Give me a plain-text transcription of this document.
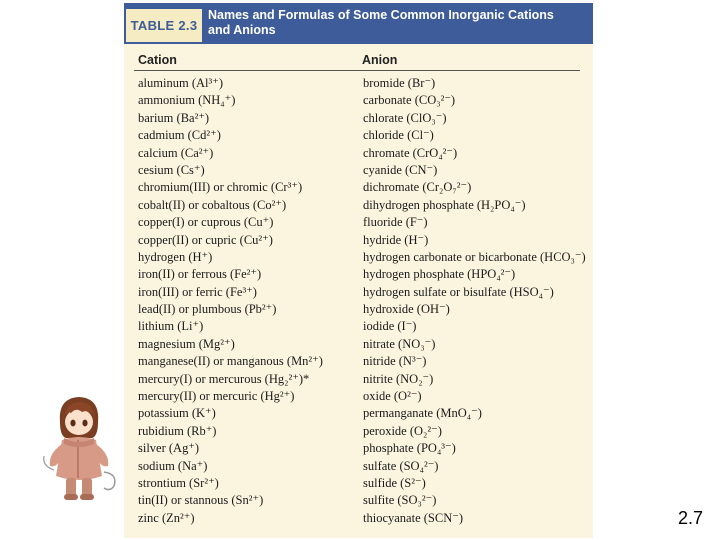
TABLE 2.3
Names and Formulas of Some Common Inorganic Cations
and Anions
Cation	Anion
aluminum (Al³⁺)
ammonium (NH₄⁺)
barium (Ba²⁺)
cadmium (Cd²⁺)
calcium (Ca²⁺)
cesium (Cs⁺)
chromium(III) or chromic (Cr³⁺)
cobalt(II) or cobaltous (Co²⁺)
copper(I) or cuprous (Cu⁺)
copper(II) or cupric (Cu²⁺)
hydrogen (H⁺)
iron(II) or ferrous (Fe²⁺)
iron(III) or ferric (Fe³⁺)
lead(II) or plumbous (Pb²⁺)
lithium (Li⁺)
magnesium (Mg²⁺)
manganese(II) or manganous (Mn²⁺)
mercury(I) or mercurous (Hg₂²⁺)*
mercury(II) or mercuric (Hg²⁺)
potassium (K⁺)
rubidium (Rb⁺)
silver (Ag⁺)
sodium (Na⁺)
strontium (Sr²⁺)
tin(II) or stannous (Sn²⁺)
zinc (Zn²⁺)
bromide (Br⁻)
carbonate (CO₃²⁻)
chlorate (ClO₃⁻)
chloride (Cl⁻)
chromate (CrO₄²⁻)
cyanide (CN⁻)
dichromate (Cr₂O₇²⁻)
dihydrogen phosphate (H₂PO₄⁻)
fluoride (F⁻)
hydride (H⁻)
hydrogen carbonate or bicarbonate (HCO₃⁻)
hydrogen phosphate (HPO₄²⁻)
hydrogen sulfate or bisulfate (HSO₄⁻)
hydroxide (OH⁻)
iodide (I⁻)
nitrate (NO₃⁻)
nitride (N³⁻)
nitrite (NO₂⁻)
oxide (O²⁻)
permanganate (MnO₄⁻)
peroxide (O₂²⁻)
phosphate (PO₄³⁻)
sulfate (SO₄²⁻)
sulfide (S²⁻)
sulfite (SO₃²⁻)
thiocyanate (SCN⁻)	2.7
